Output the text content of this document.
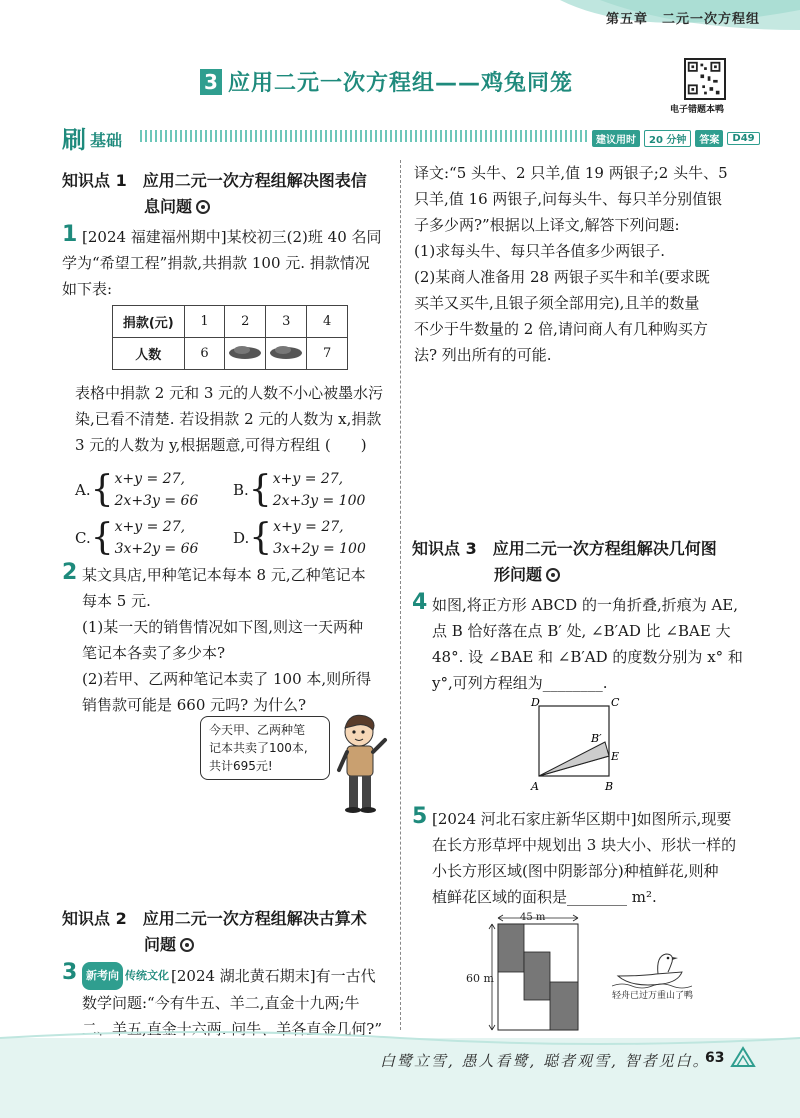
第五章　二元一次方程组
3 应用二元一次方程组——鸡兔同笼
电子错题本鸭
刷 基础	建议用时	20 分钟	答案	D49
知识点 1　应用二元一次方程组解决图表信
息问题
1 [2024 福建福州期中]某校初三(2)班 40 名同
学为“希望工程”捐款,共捐款 100 元. 捐款情况
如下表:
捐款(元)	1	2	3	4
人数	6			7
表格中捐款 2 元和 3 元的人数不小心被墨水污
染,已看不清楚. 若设捐款 2 元的人数为 x,捐款
3 元的人数为 y,根据题意,可得方程组 (　　)
A. { x+y = 27,
2x+3y = 66
B. { x+y = 27,
2x+3y = 100
C. { x+y = 27,
3x+2y = 66
D. { x+y = 27,
3x+2y = 100
2 某文具店,甲种笔记本每本 8 元,乙种笔记本
每本 5 元.
(1)某一天的销售情况如下图,则这一天两种
笔记本各卖了多少本?
(2)若甲、乙两种笔记本卖了 100 本,则所得
销售款可能是 660 元吗? 为什么?
今天甲、乙两种笔
记本共卖了100本,
共计695元!
知识点 2　应用二元一次方程组解决古算术
问题
3 新考向 传统文化 [2024 湖北黄石期末]有一古代
数学问题:“今有牛五、羊二,直金十九两;牛
二、羊五,直金十六两. 问牛、羊各直金几何?”
译文:“5 头牛、2 只羊,值 19 两银子;2 头牛、5
只羊,值 16 两银子,问每头牛、每只羊分别值银
子多少两?”根据以上译文,解答下列问题:
(1)求每头牛、每只羊各值多少两银子.
(2)某商人准备用 28 两银子买牛和羊(要求既
买羊又买牛,且银子须全部用完),且羊的数量
不少于牛数量的 2 倍,请问商人有几种购买方
法? 列出所有的可能.
知识点 3　应用二元一次方程组解决几何图
形问题
4 如图,将正方形 ABCD 的一角折叠,折痕为 AE,
点 B 恰好落在点 B′ 处, ∠B′AD 比 ∠BAE 大
48°. 设 ∠BAE 和 ∠B′AD 的度数分别为 x° 和
y°,可列方程组为________.
D	C
B′
E
A	B
5 [2024 河北石家庄新华区期中]如图所示,现要
在长方形草坪中规划出 3 块大小、形状一样的
小长方形区域(图中阴影部分)种植鲜花,则种
植鲜花区域的面积是________ m².
45 m
60 m
轻舟已过万重山了鸭
白鹭立雪, 愚人看鹭, 聪者观雪, 智者见白。
63
